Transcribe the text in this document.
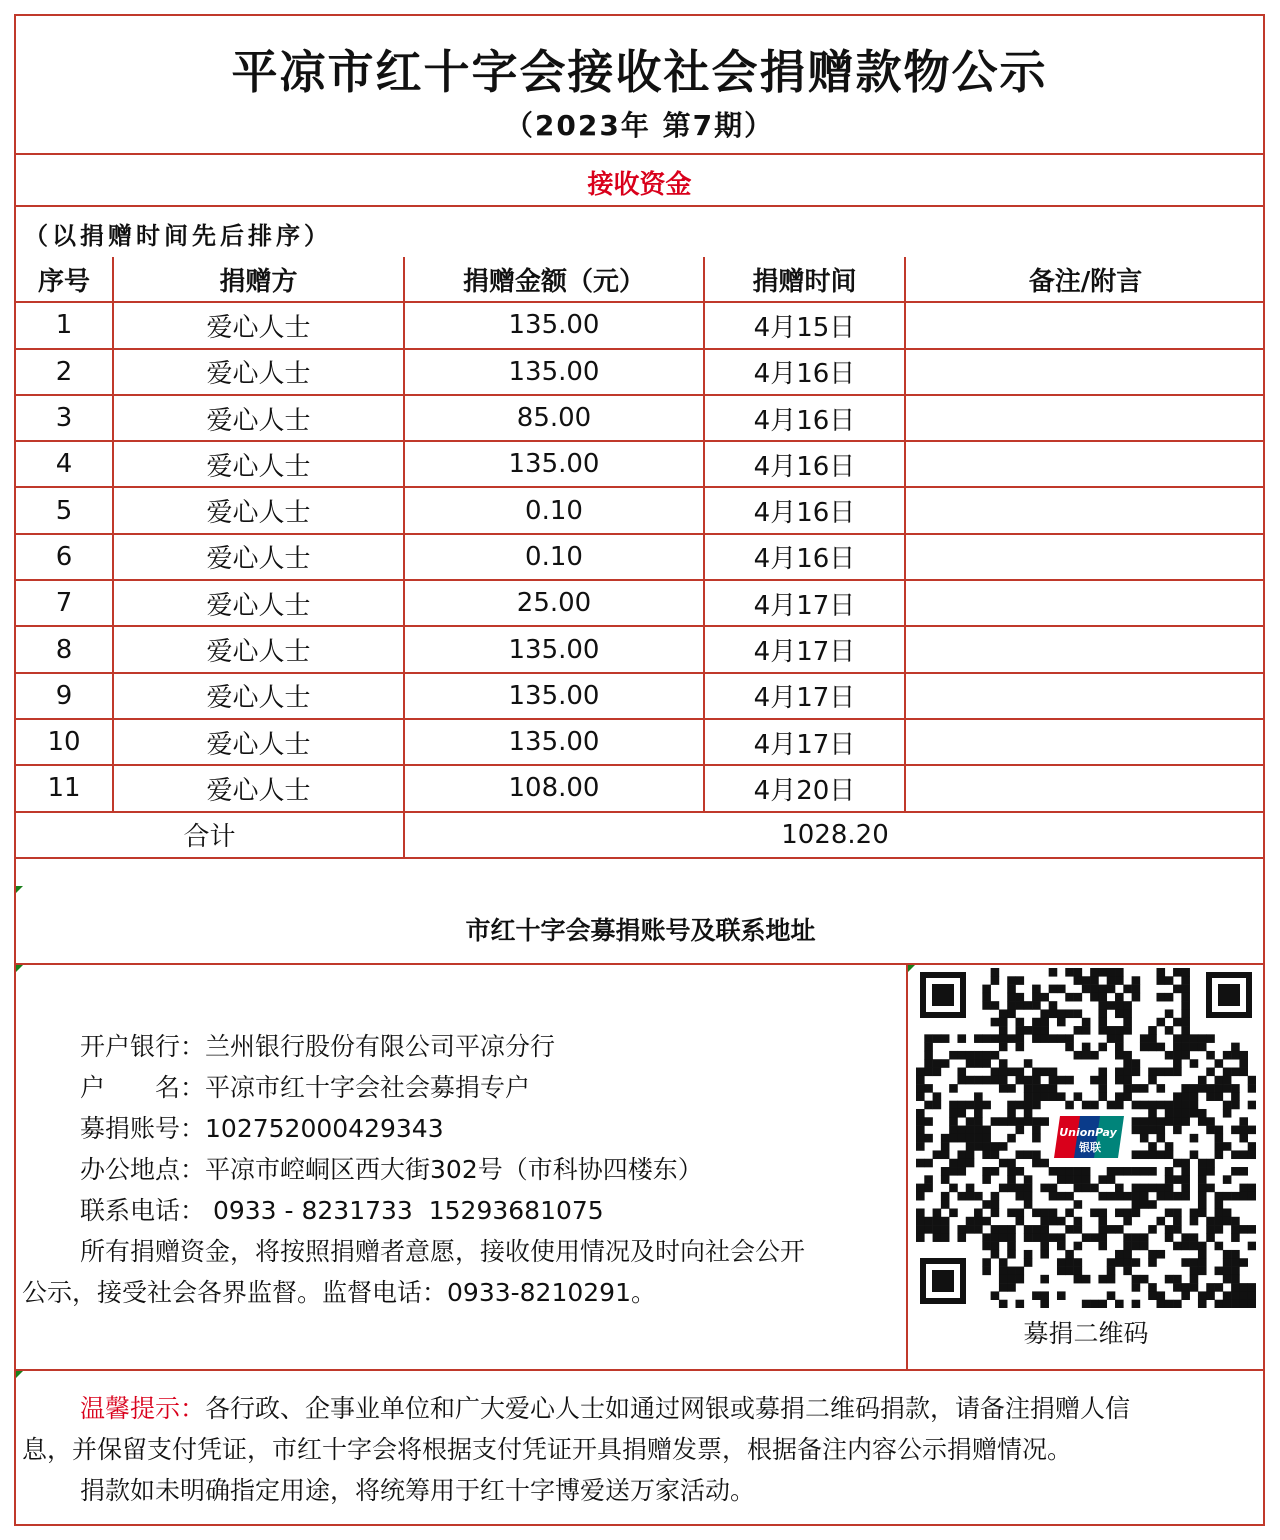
平凉市红十字会接收社会捐赠款物公示
（2023年 第7期）
接收资金
（以捐赠时间先后排序）
序号	捐赠方	捐赠金额（元）	捐赠时间	备注/附言
1	爱心人士	135.00	4月15日	
2	爱心人士	135.00	4月16日	
3	爱心人士	85.00	4月16日	
4	爱心人士	135.00	4月16日	
5	爱心人士	0.10	4月16日	
6	爱心人士	0.10	4月16日	
7	爱心人士	25.00	4月17日	
8	爱心人士	135.00	4月17日	
9	爱心人士	135.00	4月17日	
10	爱心人士	135.00	4月17日	
11	爱心人士	108.00	4月20日	
合计		1028.20		
市红十字会募捐账号及联系地址
开户银行：兰州银行股份有限公司平凉分行
户　　名：平凉市红十字会社会募捐专户
募捐账号：102752000429343
办公地点：平凉市崆峒区西大街302号（市科协四楼东）
联系电话： 0933 - 8231733  15293681075
所有捐赠资金，将按照捐赠者意愿，接收使用情况及时向社会公开
公示，接受社会各界监督。监督电话：0933-8210291。
UnionPay
银联
募捐二维码
温馨提示：各行政、企事业单位和广大爱心人士如通过网银或募捐二维码捐款，请备注捐赠人信
息，并保留支付凭证，市红十字会将根据支付凭证开具捐赠发票，根据备注内容公示捐赠情况。
捐款如未明确指定用途，将统筹用于红十字博爱送万家活动。
